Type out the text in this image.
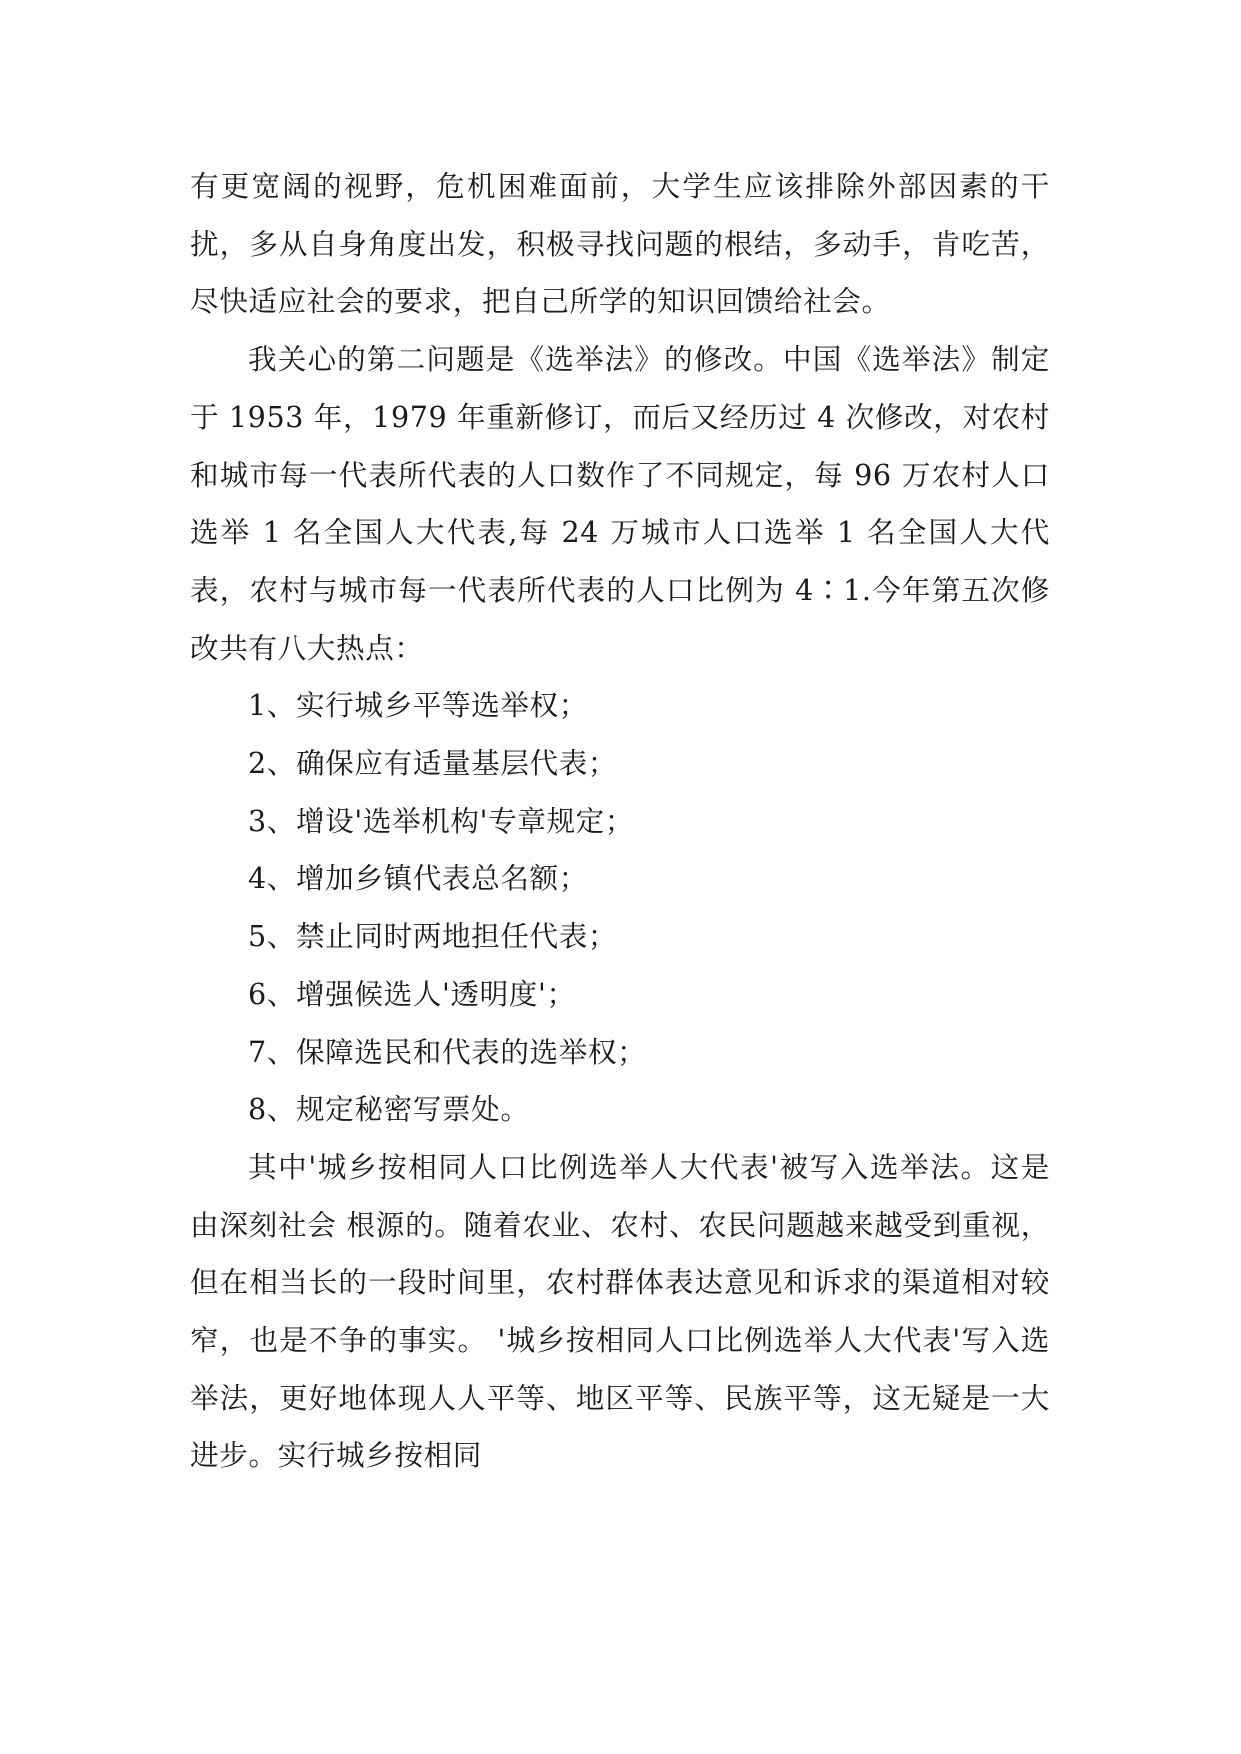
有更宽阔的视野，危机困难面前，大学生应该排除外部因素的干扰，多从自身角度出发，积极寻找问题的根结，多动手，肯吃苦，尽快适应社会的要求，把自己所学的知识回馈给社会。

我关心的第二问题是《选举法》的修改。中国《选举法》制定于 1953 年，1979 年重新修订，而后又经历过 4 次修改，对农村和城市每一代表所代表的人口数作了不同规定，每 96 万农村人口选举 1 名全国人大代表,每 24 万城市人口选举 1 名全国人大代表，农村与城市每一代表所代表的人口比例为 4∶1.今年第五次修改共有八大热点：

1、实行城乡平等选举权；

2、确保应有适量基层代表；

3、增设'选举机构'专章规定；

4、增加乡镇代表总名额；

5、禁止同时两地担任代表；

6、增强候选人'透明度'；

7、保障选民和代表的选举权；

8、规定秘密写票处。

其中'城乡按相同人口比例选举人大代表'被写入选举法。这是由深刻社会 根源的。随着农业、农村、农民问题越来越受到重视，但在相当长的一段时间里，农村群体表达意见和诉求的渠道相对较窄，也是不争的事实。 '城乡按相同人口比例选举人大代表'写入选举法，更好地体现人人平等、地区平等、民族平等，这无疑是一大进步。实行城乡按相同
